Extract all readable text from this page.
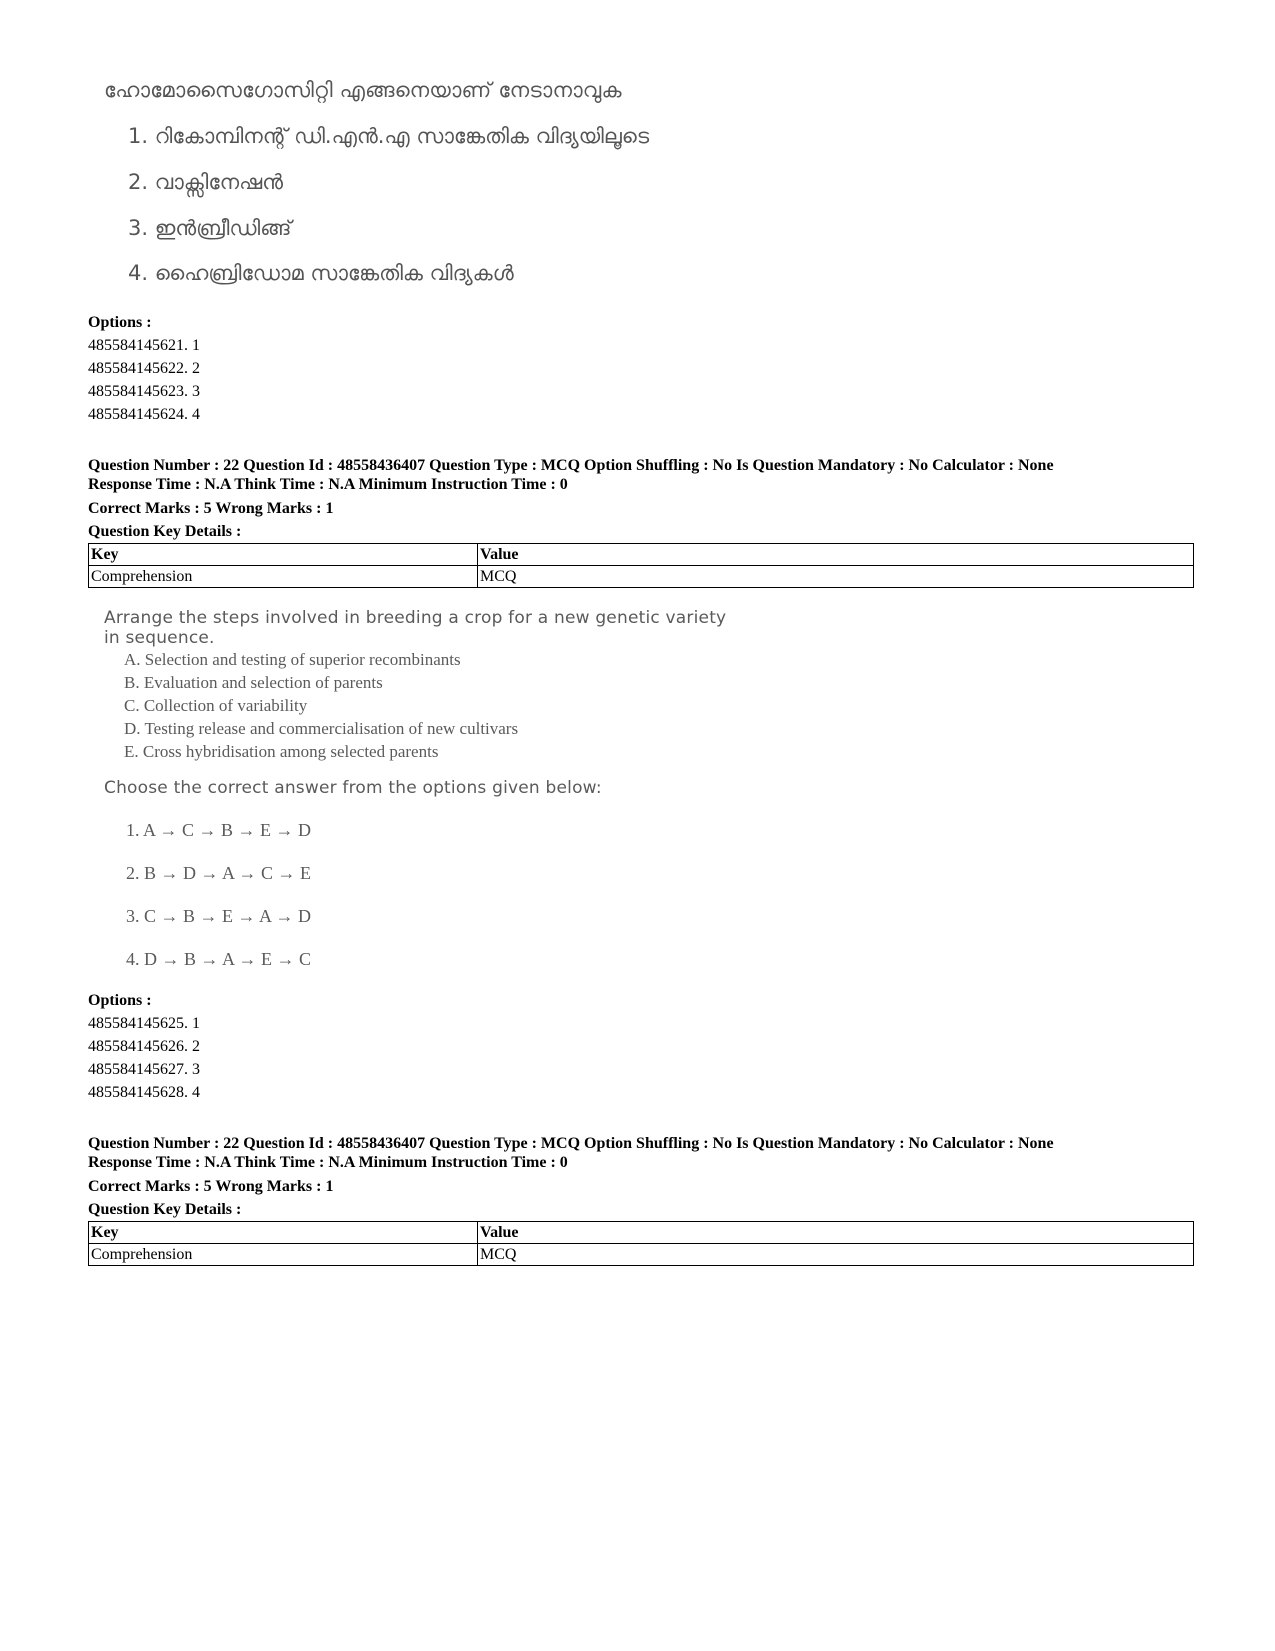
ഹോമോസൈഗോസിറ്റി എങ്ങനെയാണ് നേടാനാവുക
1. റികോമ്പിനന്റ് ഡി.എൻ.എ സാങ്കേതിക വിദ്യയിലൂടെ
2. വാക്സിനേഷൻ
3. ഇൻബ്രീഡിങ്ങ്
4. ഹൈബ്രിഡോമ സാങ്കേതിക വിദ്യകൾ
Options :
485584145621. 1
485584145622. 2
485584145623. 3
485584145624. 4
Question Number : 22 Question Id : 48558436407 Question Type : MCQ Option Shuffling : No Is Question Mandatory : No Calculator : None
Response Time : N.A Think Time : N.A Minimum Instruction Time : 0
Correct Marks : 5 Wrong Marks : 1
Question Key Details :
Key	Value
Comprehension	MCQ
Arrange the steps involved in breeding a crop for a new genetic variety in sequence.
A. Selection and testing of superior recombinants
B. Evaluation and selection of parents
C. Collection of variability
D. Testing release and commercialisation of new cultivars
E. Cross hybridisation among selected parents
Choose the correct answer from the options given below:
1. A → C → B → E → D
2. B → D → A → C → E
3. C → B → E → A → D
4. D → B → A → E → C
Options :
485584145625. 1
485584145626. 2
485584145627. 3
485584145628. 4
Question Number : 22 Question Id : 48558436407 Question Type : MCQ Option Shuffling : No Is Question Mandatory : No Calculator : None
Response Time : N.A Think Time : N.A Minimum Instruction Time : 0
Correct Marks : 5 Wrong Marks : 1
Question Key Details :
Key	Value
Comprehension	MCQ
